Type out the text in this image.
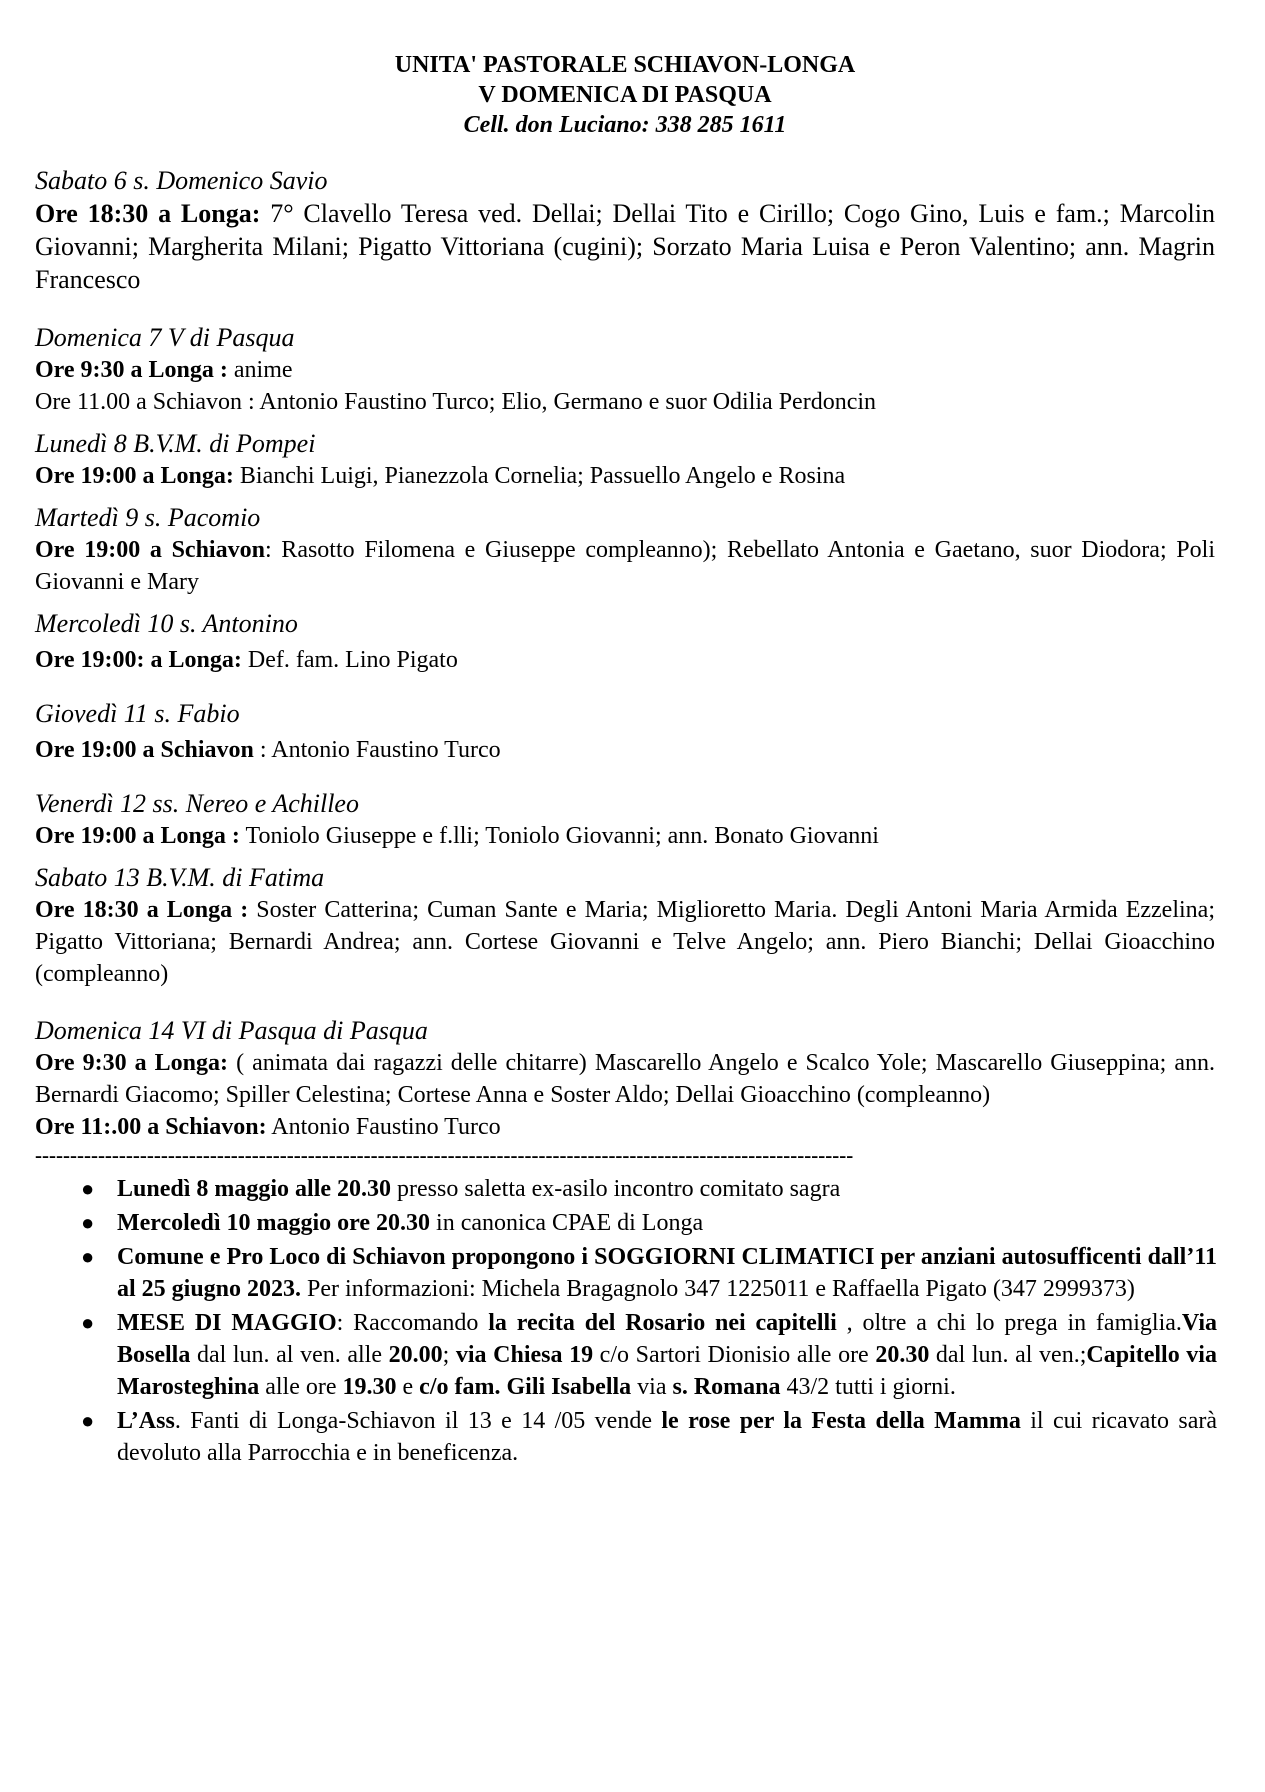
UNITA' PASTORALE SCHIAVON-LONGA
V DOMENICA DI PASQUA
Cell. don Luciano: 338 285 1611
Sabato 6 s. Domenico Savio
Ore 18:30 a Longa: 7° Clavello Teresa ved. Dellai; Dellai Tito e Cirillo; Cogo Gino, Luis e fam.; Marcolin Giovanni; Margherita Milani; Pigatto Vittoriana (cugini); Sorzato Maria Luisa e Peron Valentino; ann. Magrin Francesco
Domenica 7 V di Pasqua
Ore 9:30 a Longa : anime
Ore 11.00 a Schiavon : Antonio Faustino Turco; Elio, Germano e suor Odilia Perdoncin
Lunedì 8 B.V.M. di Pompei
Ore 19:00 a Longa: Bianchi Luigi, Pianezzola Cornelia; Passuello Angelo e Rosina
Martedì 9 s. Pacomio
Ore 19:00 a Schiavon: Rasotto Filomena e Giuseppe compleanno); Rebellato Antonia e Gaetano, suor Diodora; Poli Giovanni e Mary
Mercoledì 10 s. Antonino
Ore 19:00: a Longa: Def. fam. Lino Pigato
Giovedì 11 s. Fabio
Ore 19:00 a Schiavon : Antonio Faustino Turco
Venerdì 12 ss. Nereo e Achilleo
Ore 19:00 a Longa : Toniolo Giuseppe e f.lli; Toniolo Giovanni; ann. Bonato Giovanni
Sabato 13 B.V.M. di Fatima
Ore 18:30 a Longa : Soster Catterina; Cuman Sante e Maria; Miglioretto Maria. Degli Antoni Maria Armida Ezzelina; Pigatto Vittoriana; Bernardi Andrea; ann. Cortese Giovanni e Telve Angelo; ann. Piero Bianchi; Dellai Gioacchino (compleanno)
Domenica 14 VI di Pasqua di Pasqua
Ore 9:30 a Longa: ( animata dai ragazzi delle chitarre) Mascarello Angelo e Scalco Yole; Mascarello Giuseppina; ann. Bernardi Giacomo; Spiller Celestina; Cortese Anna e Soster Aldo; Dellai Gioacchino (compleanno)
Ore 11:.00 a Schiavon: Antonio Faustino Turco
---------------------------------------------------------------------------------------------------------------------
● Lunedì 8 maggio alle 20.30 presso saletta ex-asilo incontro comitato sagra
● Mercoledì 10 maggio ore 20.30 in canonica CPAE di Longa
● Comune e Pro Loco di Schiavon propongono i SOGGIORNI CLIMATICI per anziani autosufficenti dall’11 al 25 giugno 2023. Per informazioni: Michela Bragagnolo 347 1225011 e Raffaella Pigato (347 2999373)
● MESE DI MAGGIO: Raccomando la recita del Rosario nei capitelli , oltre a chi lo prega in famiglia.Via Bosella dal lun. al ven. alle 20.00; via Chiesa 19 c/o Sartori Dionisio alle ore 20.30 dal lun. al ven.;Capitello via Marosteghina alle ore 19.30 e c/o fam. Gili Isabella via s. Romana 43/2 tutti i giorni.
● L’Ass. Fanti di Longa-Schiavon il 13 e 14 /05 vende le rose per la Festa della Mamma il cui ricavato sarà devoluto alla Parrocchia e in beneficenza.
